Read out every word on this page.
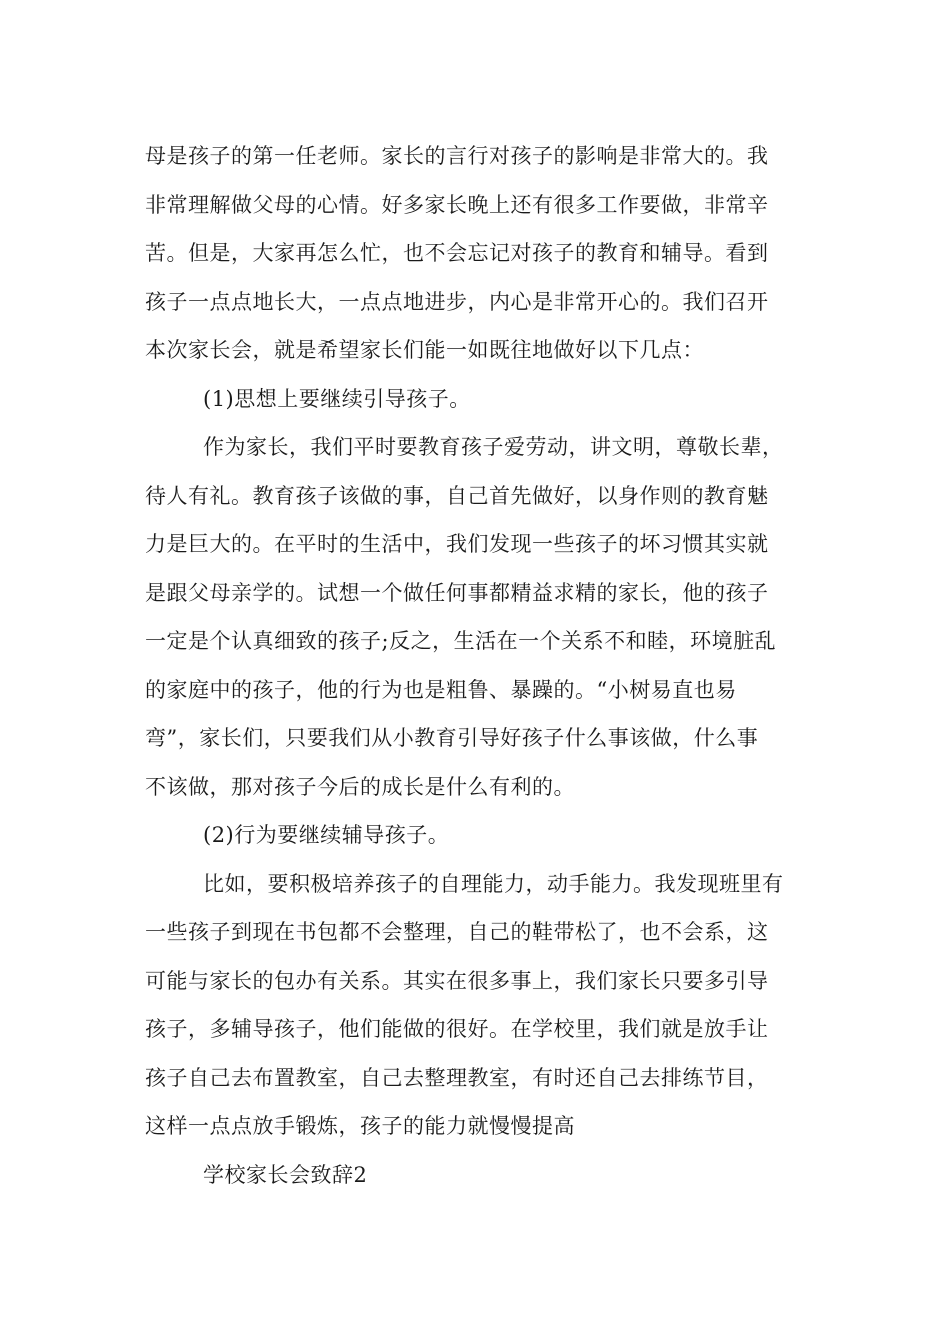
母是孩子的第一任老师。家长的言行对孩子的影响是非常大的。我

非常理解做父母的心情。好多家长晚上还有很多工作要做，非常辛

苦。但是，大家再怎么忙，也不会忘记对孩子的教育和辅导。看到

孩子一点点地长大，一点点地进步，内心是非常开心的。我们召开

本次家长会，就是希望家长们能一如既往地做好以下几点：

(1)思想上要继续引导孩子。

作为家长，我们平时要教育孩子爱劳动，讲文明，尊敬长辈，

待人有礼。教育孩子该做的事，自己首先做好，以身作则的教育魅

力是巨大的。在平时的生活中，我们发现一些孩子的坏习惯其实就

是跟父母亲学的。试想一个做任何事都精益求精的家长，他的孩子

一定是个认真细致的孩子;反之，生活在一个关系不和睦，环境脏乱

的家庭中的孩子，他的行为也是粗鲁、暴躁的。“小树易直也易

弯”，家长们，只要我们从小教育引导好孩子什么事该做，什么事

不该做，那对孩子今后的成长是什么有利的。

(2)行为要继续辅导孩子。

比如，要积极培养孩子的自理能力，动手能力。我发现班里有

一些孩子到现在书包都不会整理，自己的鞋带松了，也不会系，这

可能与家长的包办有关系。其实在很多事上，我们家长只要多引导

孩子，多辅导孩子，他们能做的很好。在学校里，我们就是放手让

孩子自己去布置教室，自己去整理教室，有时还自己去排练节目，

这样一点点放手锻炼，孩子的能力就慢慢提高

学校家长会致辞2
